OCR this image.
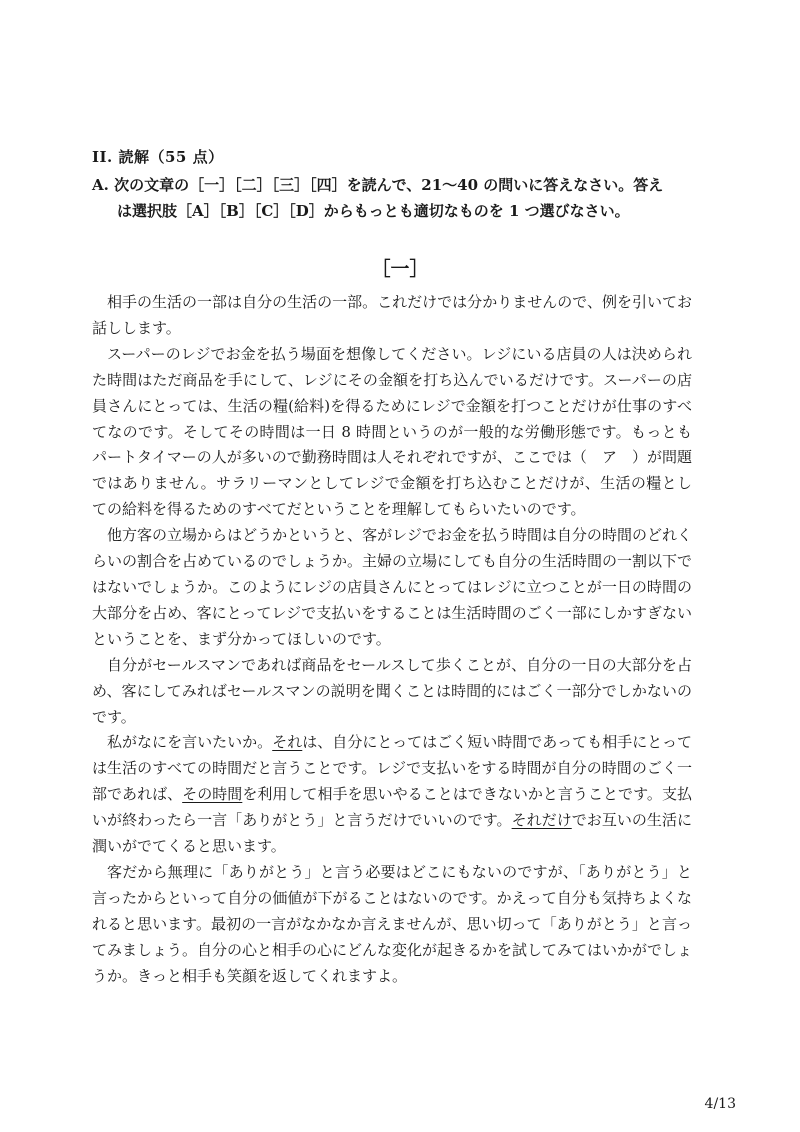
II. 読解（55 点）
A. 次の文章の［一］［二］［三］［四］を読んで、21～40 の問いに答えなさい。答え
は選択肢［A］［B］［C］［D］からもっとも適切なものを 1 つ選びなさい。
［一］

相手の生活の一部は自分の生活の一部。これだけでは分かりませんので、例を引いてお話しします。

スーパーのレジでお金を払う場面を想像してください。レジにいる店員の人は決められた時間はただ商品を手にして、レジにその金額を打ち込んでいるだけです。スーパーの店員さんにとっては、生活の糧(給料)を得るためにレジで金額を打つことだけが仕事のすべてなのです。そしてその時間は一日 8 時間というのが一般的な労働形態です。もっともパートタイマーの人が多いので勤務時間は人それぞれですが、ここでは（　ア　）が問題ではありません。サラリーマンとしてレジで金額を打ち込むことだけが、生活の糧としての給料を得るためのすべてだということを理解してもらいたいのです。

他方客の立場からはどうかというと、客がレジでお金を払う時間は自分の時間のどれくらいの割合を占めているのでしょうか。主婦の立場にしても自分の生活時間の一割以下ではないでしょうか。このようにレジの店員さんにとってはレジに立つことが一日の時間の大部分を占め、客にとってレジで支払いをすることは生活時間のごく一部にしかすぎないということを、まず分かってほしいのです。

自分がセールスマンであれば商品をセールスして歩くことが、自分の一日の大部分を占め、客にしてみればセールスマンの説明を聞くことは時間的にはごく一部分でしかないのです。

私がなにを言いたいか。それは、自分にとってはごく短い時間であっても相手にとっては生活のすべての時間だと言うことです。レジで支払いをする時間が自分の時間のごく一部であれば、その時間を利用して相手を思いやることはできないかと言うことです。支払いが終わったら一言「ありがとう」と言うだけでいいのです。それだけでお互いの生活に潤いがでてくると思います。

客だから無理に「ありがとう」と言う必要はどこにもないのですが、「ありがとう」と言ったからといって自分の価値が下がることはないのです。かえって自分も気持ちよくなれると思います。最初の一言がなかなか言えませんが、思い切って「ありがとう」と言ってみましょう。自分の心と相手の心にどんな変化が起きるかを試してみてはいかがでしょうか。きっと相手も笑顔を返してくれますよ。

4/13
